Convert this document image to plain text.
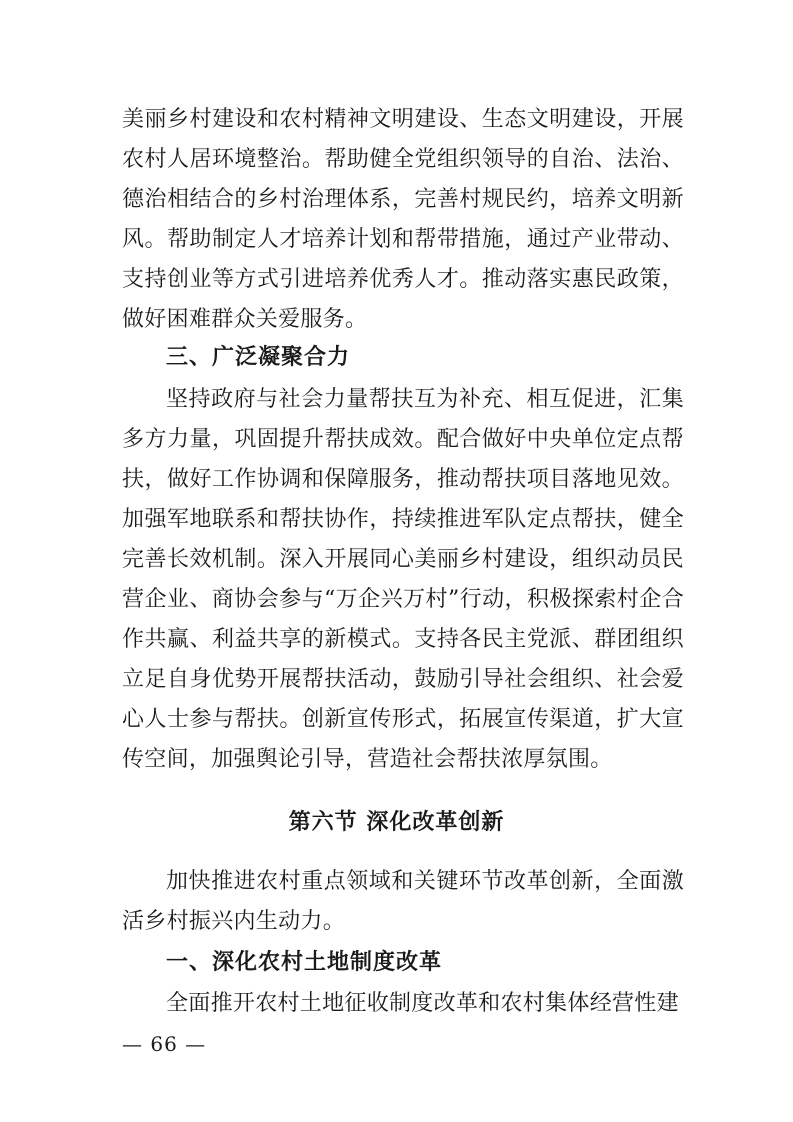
美丽乡村建设和农村精神文明建设、生态文明建设，开展农村人居环境整治。帮助健全党组织领导的自治、法治、德治相结合的乡村治理体系，完善村规民约，培养文明新风。帮助制定人才培养计划和帮带措施，通过产业带动、支持创业等方式引进培养优秀人才。推动落实惠民政策，做好困难群众关爱服务。

三、广泛凝聚合力

坚持政府与社会力量帮扶互为补充、相互促进，汇集多方力量，巩固提升帮扶成效。配合做好中央单位定点帮扶，做好工作协调和保障服务，推动帮扶项目落地见效。加强军地联系和帮扶协作，持续推进军队定点帮扶，健全完善长效机制。深入开展同心美丽乡村建设，组织动员民营企业、商协会参与“万企兴万村”行动，积极探索村企合作共赢、利益共享的新模式。支持各民主党派、群团组织立足自身优势开展帮扶活动，鼓励引导社会组织、社会爱心人士参与帮扶。创新宣传形式，拓展宣传渠道，扩大宣传空间，加强舆论引导，营造社会帮扶浓厚氛围。

第六节 深化改革创新

加快推进农村重点领域和关键环节改革创新，全面激活乡村振兴内生动力。

一、深化农村土地制度改革

全面推开农村土地征收制度改革和农村集体经营性建

— 66 —
